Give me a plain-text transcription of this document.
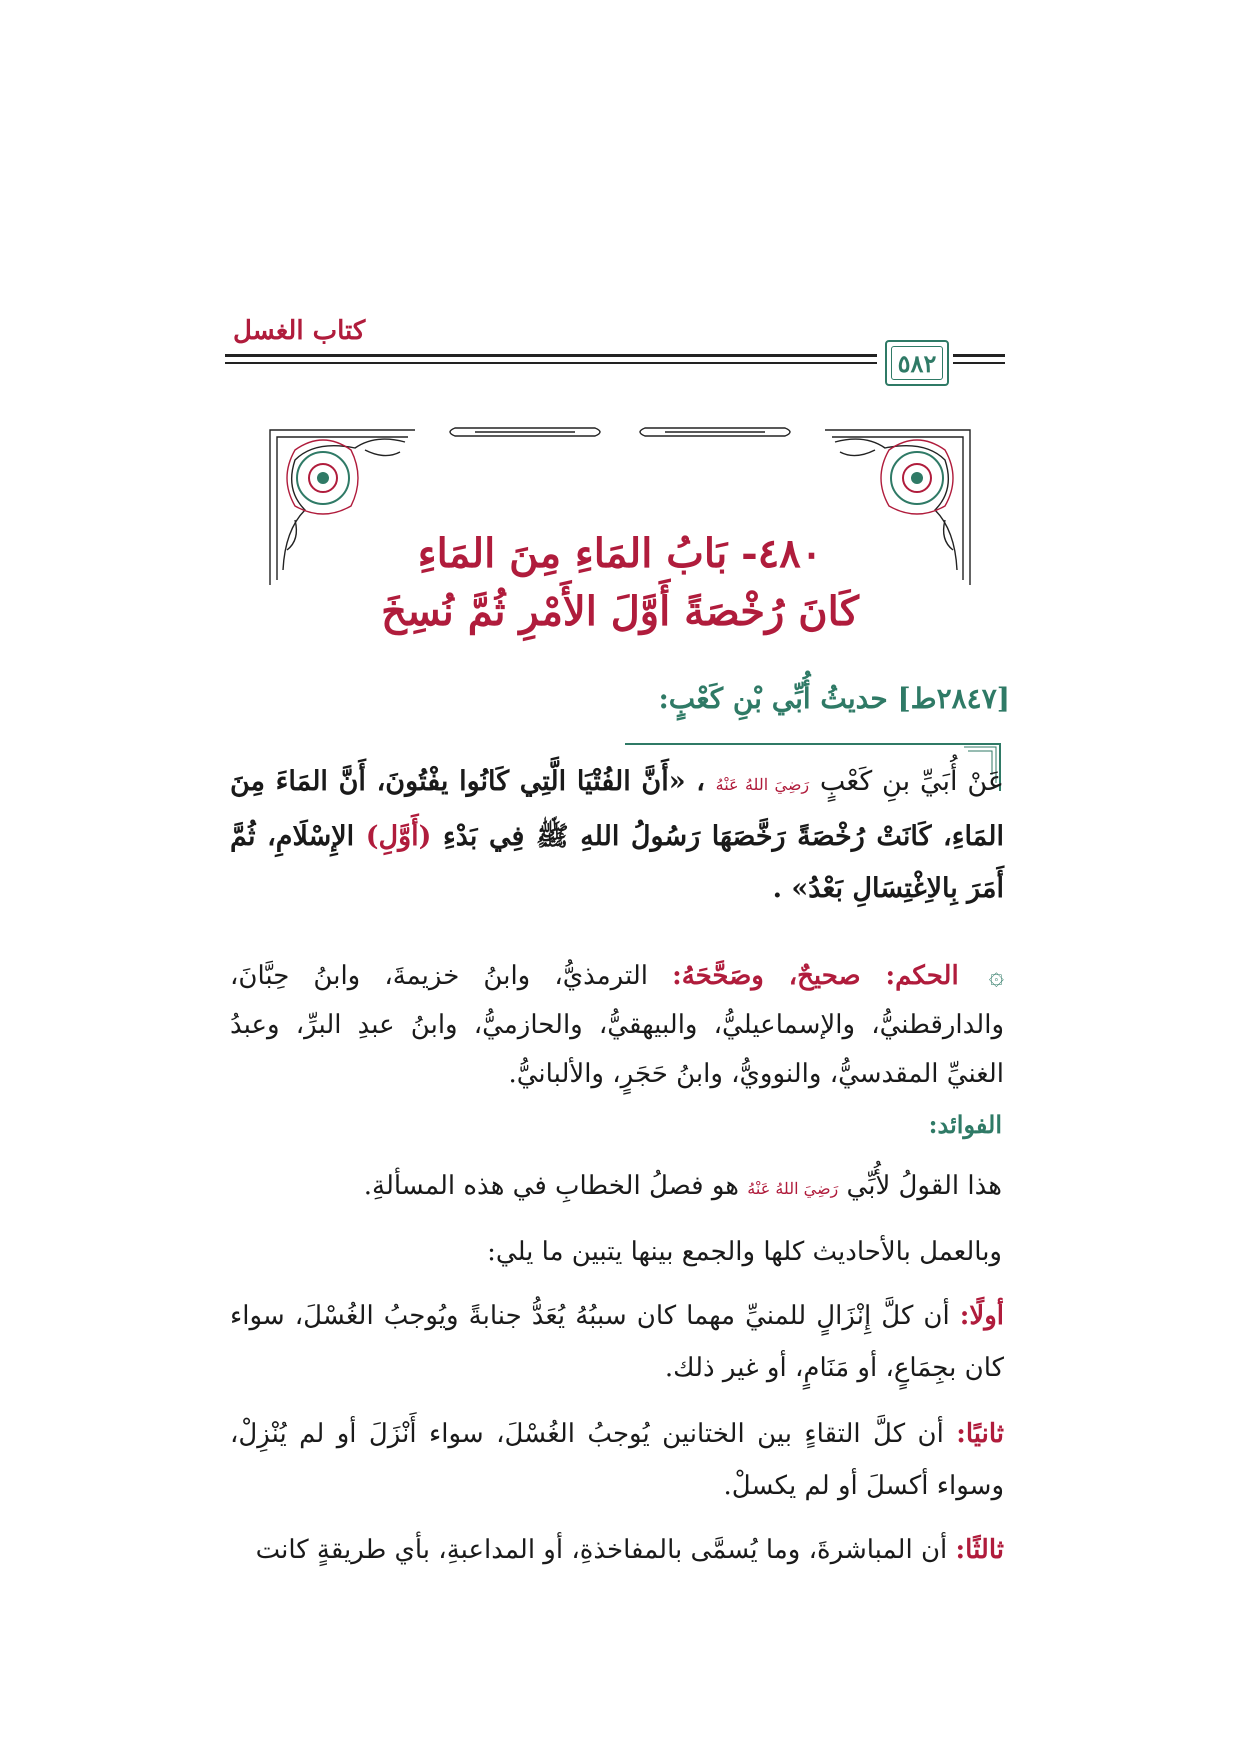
كتاب الغسل
٥٨٢
٤٨٠- بَابُ المَاءِ مِنَ المَاءِ
كَانَ رُخْصَةً أَوَّلَ الأَمْرِ ثُمَّ نُسِخَ
[٢٨٤٧ط] حديثُ أُبِّي بْنِ كَعْبٍ:
عَنْ أُبَيِّ بنِ كَعْبٍ رَضِيَ اللهُ عَنْهُ ، «أَنَّ الفُتْيَا الَّتِي كَانُوا يفْتُونَ، أَنَّ المَاءَ مِنَ المَاءِ، كَانَتْ رُخْصَةً رَخَّصَهَا رَسُولُ اللهِ ﷺ فِي بَدْءِ (أَوَّلِ) الإِسْلَامِ، ثُمَّ أَمَرَ بِالاِغْتِسَالِ بَعْدُ» .
۞ الحكم: صحيحٌ، وصَحَّحَهُ: الترمذيُّ، وابنُ خزيمةَ، وابنُ حِبَّانَ، والدارقطنيُّ، والإسماعيليُّ، والبيهقيُّ، والحازميُّ، وابنُ عبدِ البرِّ، وعبدُ الغنيِّ المقدسيُّ، والنوويُّ، وابنُ حَجَرٍ، والألبانيُّ.
الفوائد:
هذا القولُ لأُبِّي رَضِيَ اللهُ عَنْهُ هو فصلُ الخطابِ في هذه المسألةِ.
وبالعمل بالأحاديث كلها والجمع بينها يتبين ما يلي:
أولًا: أن كلَّ إِنْزَالٍ للمنيِّ مهما كان سببُهُ يُعَدُّ جنابةً ويُوجبُ الغُسْلَ، سواء كان بجِمَاعٍ، أو مَنَامٍ، أو غير ذلك.
ثانيًا: أن كلَّ التقاءٍ بين الختانين يُوجبُ الغُسْلَ، سواء أَنْزَلَ أو لم يُنْزِلْ، وسواء أكسلَ أو لم يكسلْ.
ثالثًا: أن المباشرةَ، وما يُسمَّى بالمفاخذةِ، أو المداعبةِ، بأي طريقةٍ كانت
